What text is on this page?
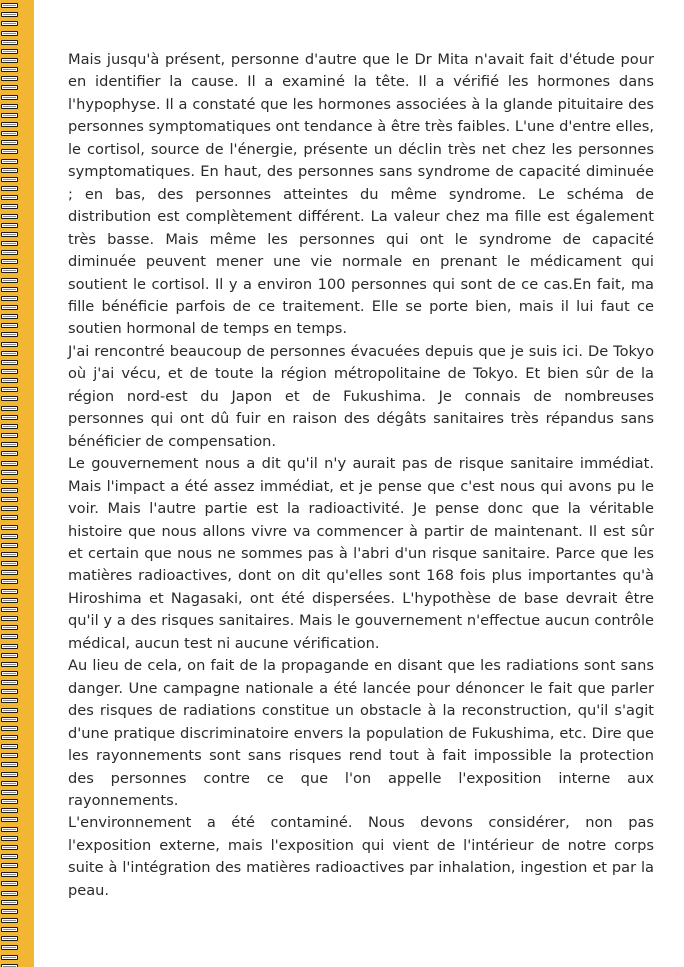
Mais jusqu'à présent, personne d'autre que le Dr Mita n'avait fait d'étude pour en identifier la cause. Il a examiné la tête. Il a vérifié les hormones dans l'hypophyse. Il a constaté que les hormones associées à la glande pituitaire des personnes symptomatiques ont tendance à être très faibles. L'une d'entre elles, le cortisol, source de l'énergie, présente un déclin très net chez les personnes symptomatiques. En haut, des personnes sans syndrome de capacité diminuée ; en bas, des personnes atteintes du même syndrome. Le schéma de distribution est complètement différent. La valeur chez ma fille est également très basse. Mais même les personnes qui ont le syndrome de capacité diminuée peuvent mener une vie normale en prenant le médicament qui soutient le cortisol. Il y a environ 100 personnes qui sont de ce cas.En fait, ma fille bénéficie parfois de ce traitement. Elle se porte bien, mais il lui faut ce soutien hormonal de temps en temps.

J'ai rencontré beaucoup de personnes évacuées depuis que je suis ici. De Tokyo où j'ai vécu, et de toute la région métropolitaine de Tokyo. Et bien sûr de la région nord-est du Japon et de Fukushima. Je connais de nombreuses personnes qui ont dû fuir en raison des dégâts sanitaires très répandus sans bénéficier de compensation.

Le gouvernement nous a dit qu'il n'y aurait pas de risque sanitaire immédiat. Mais l'impact a été assez immédiat, et je pense que c'est nous qui avons pu le voir. Mais l'autre partie est la radioactivité. Je pense donc que la véritable histoire que nous allons vivre va commencer à partir de maintenant. Il est sûr et certain que nous ne sommes pas à l'abri d'un risque sanitaire. Parce que les matières radioactives, dont on dit qu'elles sont 168 fois plus importantes qu'à Hiroshima et Nagasaki, ont été dispersées. L'hypothèse de base devrait être qu'il y a des risques sanitaires. Mais le gouvernement n'effectue aucun contrôle médical, aucun test ni aucune vérification.

Au lieu de cela, on fait de la propagande en disant que les radiations sont sans danger. Une campagne nationale a été lancée pour dénoncer le fait que parler des risques de radiations constitue un obstacle à la reconstruction, qu'il s'agit d'une pratique discriminatoire envers la population de Fukushima, etc. Dire que les rayonnements sont sans risques rend tout à fait impossible la protection des personnes contre ce que l'on appelle l'exposition interne aux rayonnements.

L'environnement a été contaminé. Nous devons considérer, non pas l'exposition externe, mais l'exposition qui vient de l'intérieur de notre corps suite à l'intégration des matières radioactives par inhalation, ingestion et par la peau.
